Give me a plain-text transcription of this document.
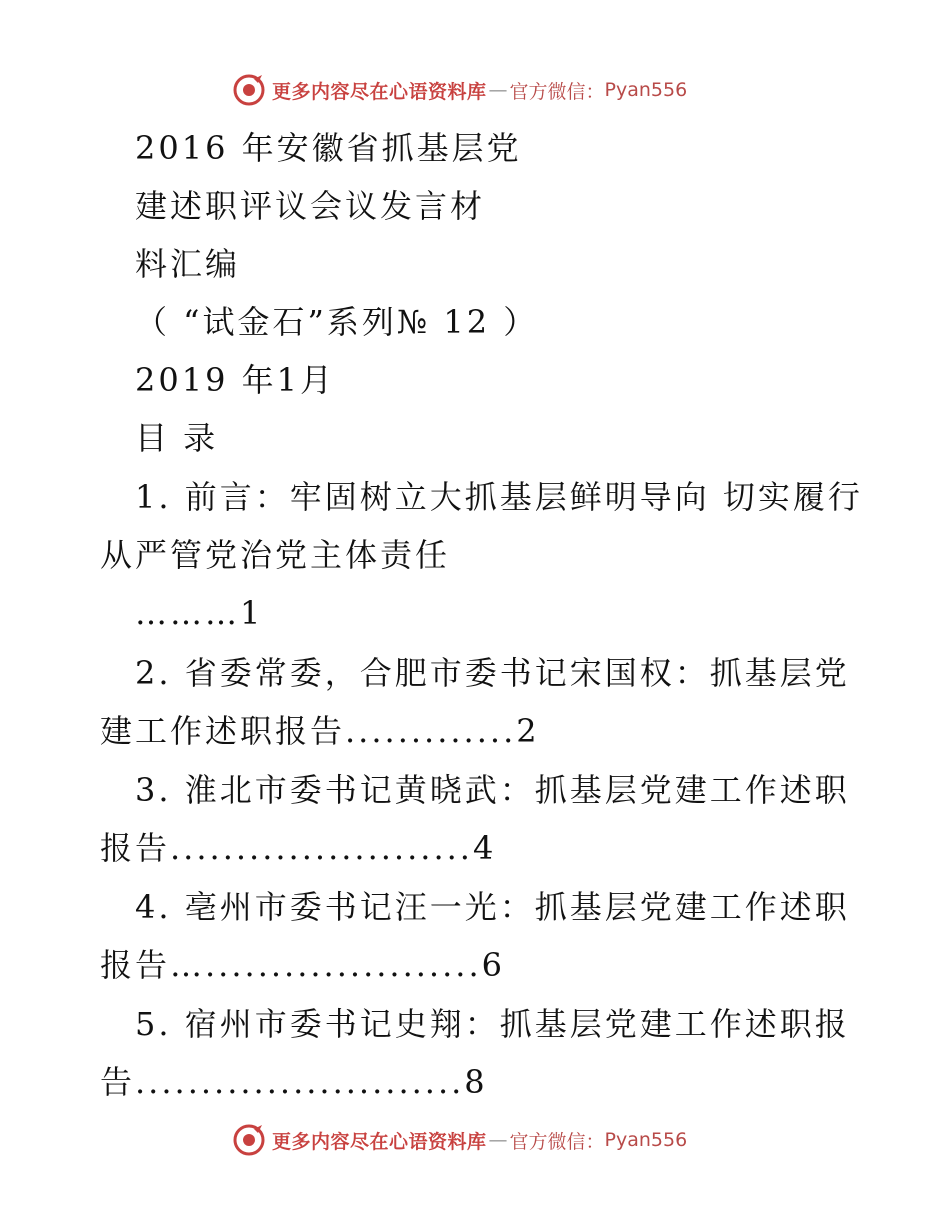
更多内容尽在心语资料库 — 官方微信： Pyan556
2016 年安徽省抓基层党
建述职评议会议发言材
料汇编
（ “试金石”系列№ 12 ）
2019 年1月
目 录
1. 前言：牢固树立大抓基层鲜明导向 切实履行
从严管党治党主体责任
………1
2. 省委常委，合肥市委书记宋国权：抓基层党
建工作述职报告.............2
3. 淮北市委书记黄晓武：抓基层党建工作述职
报告.......................4
4. 亳州市委书记汪一光：抓基层党建工作述职
报告….....................6
5. 宿州市委书记史翔：抓基层党建工作述职报
告.........................8
更多内容尽在心语资料库 — 官方微信： Pyan556
